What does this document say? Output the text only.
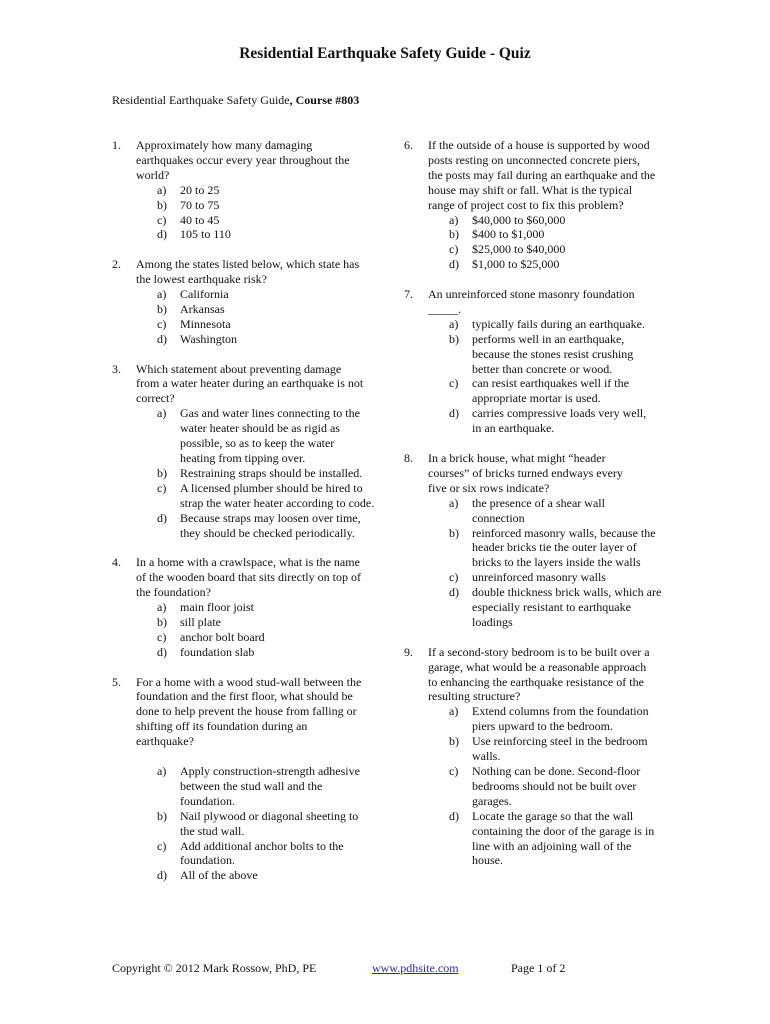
Residential Earthquake Safety Guide - Quiz
Residential Earthquake Safety Guide, Course #803
1. Approximately how many damaging earthquakes occur every year throughout the world?
a) 20 to 25
b) 70 to 75
c) 40 to 45
d) 105 to 110
2. Among the states listed below, which state has the lowest earthquake risk?
a) California
b) Arkansas
c) Minnesota
d) Washington
3. Which statement about preventing damage from a water heater during an earthquake is not correct?
a) Gas and water lines connecting to the water heater should be as rigid as possible, so as to keep the water heating from tipping over.
b) Restraining straps should be installed.
c) A licensed plumber should be hired to strap the water heater according to code.
d) Because straps may loosen over time, they should be checked periodically.
4. In a home with a crawlspace, what is the name of the wooden board that sits directly on top of the foundation?
a) main floor joist
b) sill plate
c) anchor bolt board
d) foundation slab
5. For a home with a wood stud-wall between the foundation and the first floor, what should be done to help prevent the house from falling or shifting off its foundation during an earthquake?
a) Apply construction-strength adhesive between the stud wall and the foundation.
b) Nail plywood or diagonal sheeting to the stud wall.
c) Add additional anchor bolts to the foundation.
d) All of the above
6. If the outside of a house is supported by wood posts resting on unconnected concrete piers, the posts may fail during an earthquake and the house may shift or fall. What is the typical range of project cost to fix this problem?
a) $40,000 to $60,000
b) $400 to $1,000
c) $25,000 to $40,000
d) $1,000 to $25,000
7. An unreinforced stone masonry foundation _____.
a) typically fails during an earthquake.
b) performs well in an earthquake, because the stones resist crushing better than concrete or wood.
c) can resist earthquakes well if the appropriate mortar is used.
d) carries compressive loads very well, in an earthquake.
8. In a brick house, what might “header courses” of bricks turned endways every five or six rows indicate?
a) the presence of a shear wall connection
b) reinforced masonry walls, because the header bricks tie the outer layer of bricks to the layers inside the walls
c) unreinforced masonry walls
d) double thickness brick walls, which are especially resistant to earthquake loadings
9. If a second-story bedroom is to be built over a garage, what would be a reasonable approach to enhancing the earthquake resistance of the resulting structure?
a) Extend columns from the foundation piers upward to the bedroom.
b) Use reinforcing steel in the bedroom walls.
c) Nothing can be done. Second-floor bedrooms should not be built over garages.
d) Locate the garage so that the wall containing the door of the garage is in line with an adjoining wall of the house.
Copyright © 2012 Mark Rossow, PhD, PE	www.pdhsite.com	Page 1 of 2
